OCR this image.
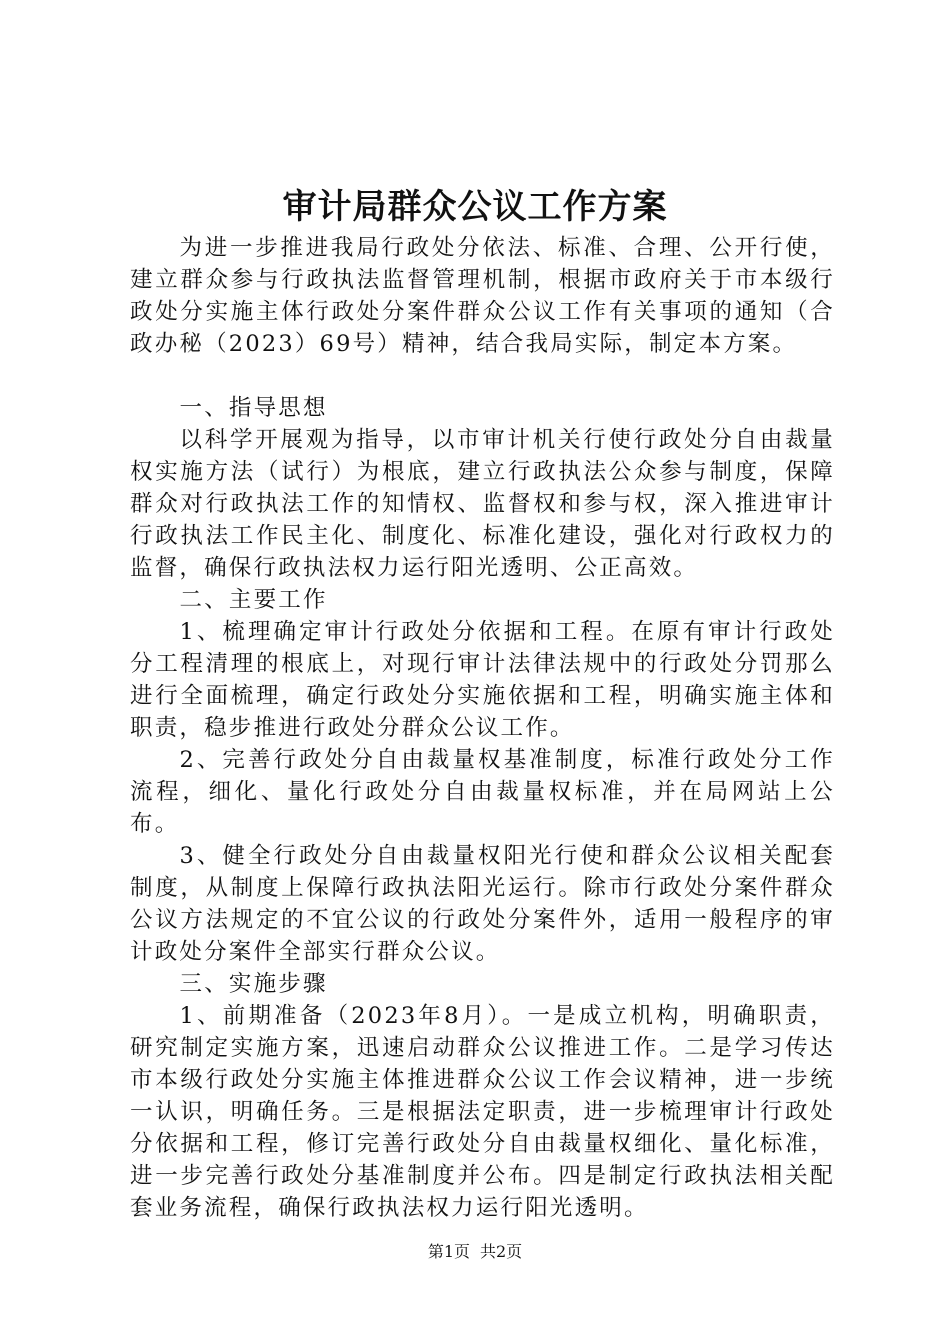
审计局群众公议工作方案

为进一步推进我局行政处分依法、标准、合理、公开行使，建立群众参与行政执法监督管理机制，根据市政府关于市本级行政处分实施主体行政处分案件群众公议工作有关事项的通知（合政办秘（2023）69号）精神，结合我局实际，制定本方案。

一、指导思想

以科学开展观为指导，以市审计机关行使行政处分自由裁量权实施方法（试行）为根底，建立行政执法公众参与制度，保障群众对行政执法工作的知情权、监督权和参与权，深入推进审计行政执法工作民主化、制度化、标准化建设，强化对行政权力的监督，确保行政执法权力运行阳光透明、公正高效。

二、主要工作

1、梳理确定审计行政处分依据和工程。在原有审计行政处分工程清理的根底上，对现行审计法律法规中的行政处分罚那么进行全面梳理，确定行政处分实施依据和工程，明确实施主体和职责，稳步推进行政处分群众公议工作。

2、完善行政处分自由裁量权基准制度，标准行政处分工作流程，细化、量化行政处分自由裁量权标准，并在局网站上公布。

3、健全行政处分自由裁量权阳光行使和群众公议相关配套制度，从制度上保障行政执法阳光运行。除市行政处分案件群众公议方法规定的不宜公议的行政处分案件外，适用一般程序的审计政处分案件全部实行群众公议。

三、实施步骤

1、前期准备（2023年8月）。一是成立机构，明确职责，研究制定实施方案，迅速启动群众公议推进工作。二是学习传达市本级行政处分实施主体推进群众公议工作会议精神，进一步统一认识，明确任务。三是根据法定职责，进一步梳理审计行政处分依据和工程，修订完善行政处分自由裁量权细化、量化标准，进一步完善行政处分基准制度并公布。四是制定行政执法相关配套业务流程，确保行政执法权力运行阳光透明。

第1页 共2页
